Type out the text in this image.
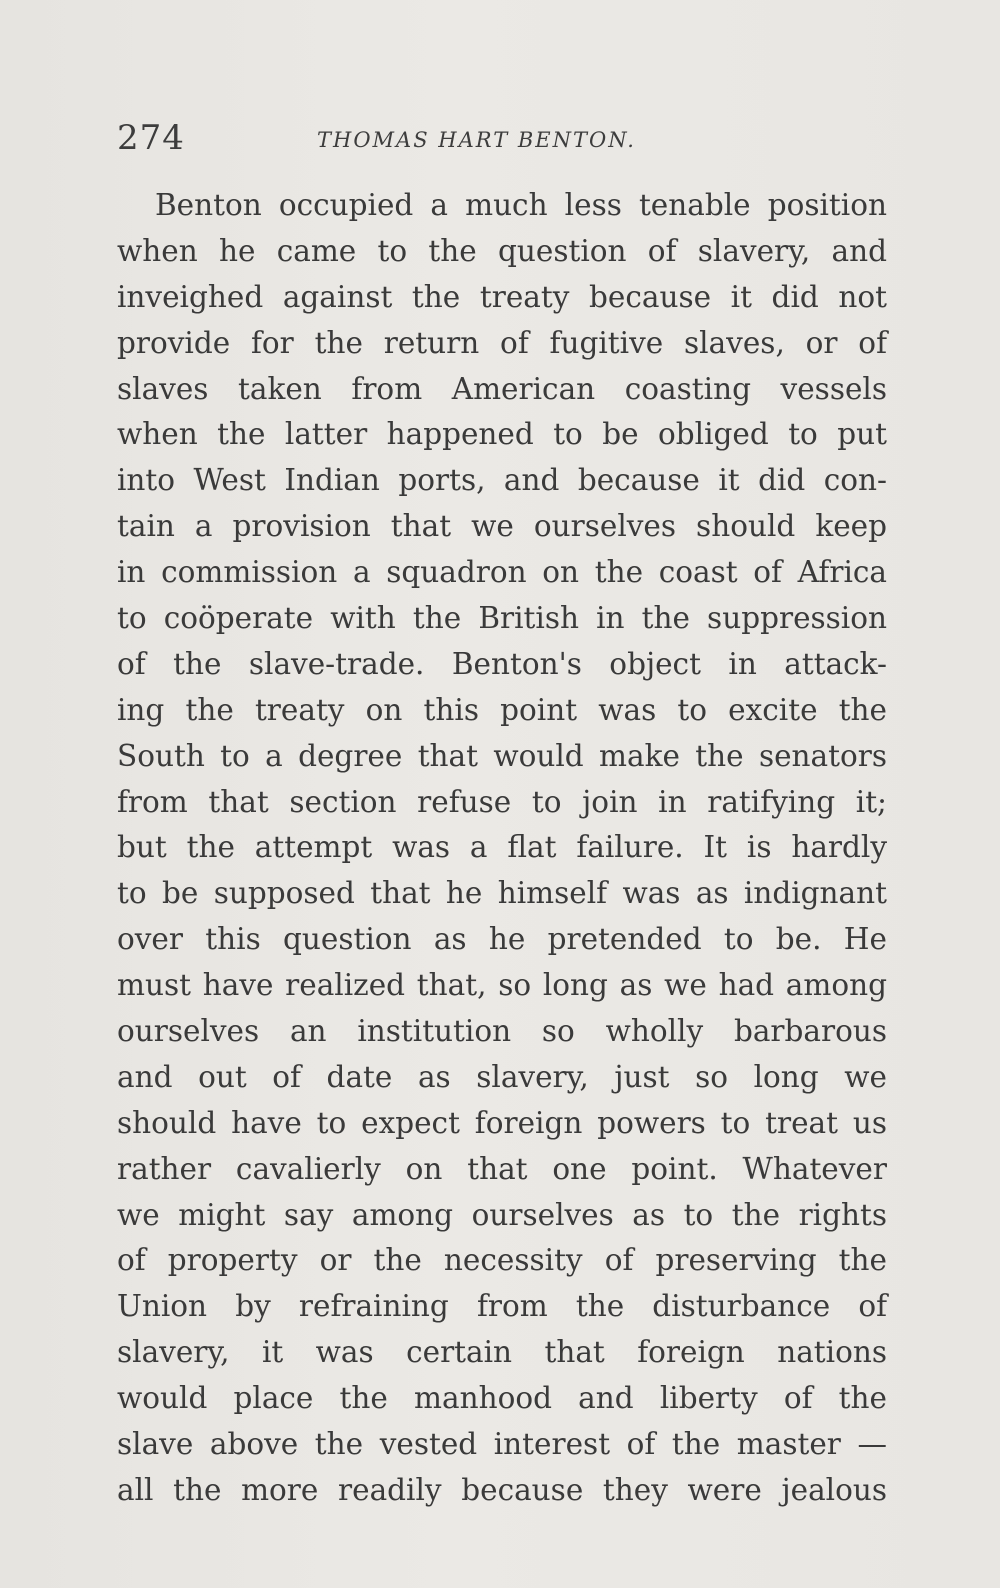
274	THOMAS HART BENTON.
Benton occupied a much less tenable position
when he came to the question of slavery, and
inveighed against the treaty because it did not
provide for the return of fugitive slaves, or of
slaves taken from American coasting vessels
when the latter happened to be obliged to put
into West Indian ports, and because it did con-
tain a provision that we ourselves should keep
in commission a squadron on the coast of Africa
to coöperate with the British in the suppression
of the slave-trade. Benton's object in attack-
ing the treaty on this point was to excite the
South to a degree that would make the senators
from that section refuse to join in ratifying it;
but the attempt was a flat failure. It is hardly
to be supposed that he himself was as indignant
over this question as he pretended to be. He
must have realized that, so long as we had among
ourselves an institution so wholly barbarous
and out of date as slavery, just so long we
should have to expect foreign powers to treat us
rather cavalierly on that one point. Whatever
we might say among ourselves as to the rights
of property or the necessity of preserving the
Union by refraining from the disturbance of
slavery, it was certain that foreign nations
would place the manhood and liberty of the
slave above the vested interest of the master —
all the more readily because they were jealous
